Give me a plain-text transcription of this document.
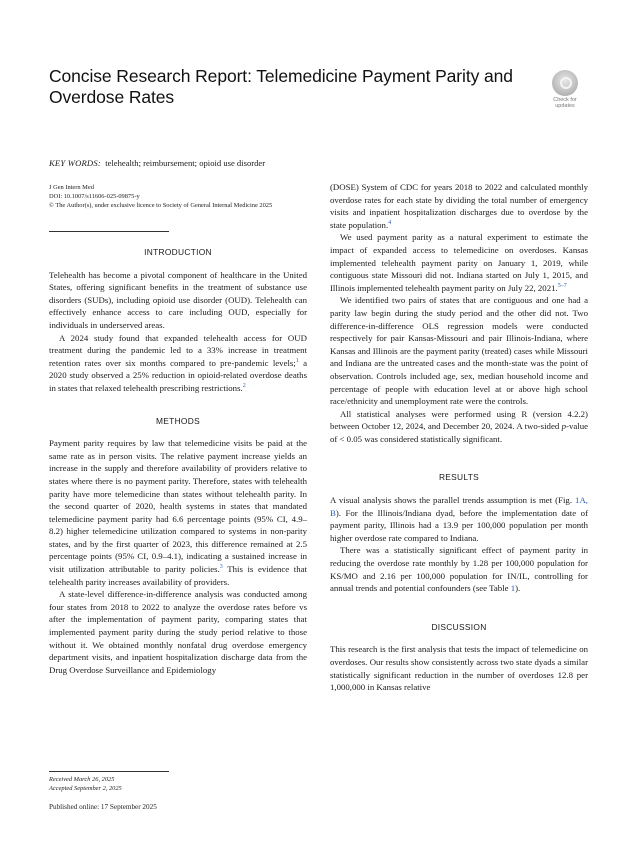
Concise Research Report: Telemedicine Payment Parity and Overdose Rates	Check for
updates
KEY WORDS: telehealth; reimbursement; opioid use disorder
J Gen Intern Med
DOI: 10.1007/s11606-025-09875-y
© The Author(s), under exclusive licence to Society of General Internal Medicine 2025
INTRODUCTION

Telehealth has become a pivotal component of healthcare in the United States, offering significant benefits in the treatment of substance use disorders (SUDs), including opioid use disorder (OUD). Telehealth can effectively enhance access to care including OUD, especially for individuals in underserved areas.

A 2024 study found that expanded telehealth access for OUD treatment during the pandemic led to a 33% increase in treatment retention rates over six months compared to pre-pandemic levels;$^1$ a 2020 study observed a 25% reduction in opioid-related overdose deaths in states that relaxed telehealth prescribing restrictions.$^2$

METHODS

Payment parity requires by law that telemedicine visits be paid at the same rate as in person visits. The relative payment increase yields an increase in the supply and therefore availability of providers relative to states where there is no payment parity. Therefore, states with telehealth parity have more telemedicine than states without telehealth parity. In the second quarter of 2020, health systems in states that mandated telemedicine payment parity had 6.6 percentage points (95% CI, 4.9–8.2) higher telemedicine utilization compared to systems in non-parity states, and by the first quarter of 2023, this difference remained at 2.5 percentage points (95% CI, 0.9–4.1), indicating a sustained increase in visit utilization attributable to parity policies.$^3$ This is evidence that telehealth parity increases availability of providers.

A state-level difference-in-difference analysis was conducted among four states from 2018 to 2022 to analyze the overdose rates before vs after the implementation of payment parity, comparing states that implemented payment parity during the study period relative to those without it. We obtained monthly nonfatal drug overdose emergency department visits, and inpatient hospitalization discharge data from the Drug Overdose Surveillance and Epidemiology

(DOSE) System of CDC for years 2018 to 2022 and calculated monthly overdose rates for each state by dividing the total number of emergency visits and inpatient hospitalization discharges due to overdose by the state population.$^4$

We used payment parity as a natural experiment to estimate the impact of expanded access to telemedicine on overdoses. Kansas implemented telehealth payment parity on January 1, 2019, while contiguous state Missouri did not. Indiana started on July 1, 2015, and Illinois implemented telehealth payment parity on July 22, 2021.$^{5-7}$

We identified two pairs of states that are contiguous and one had a parity law begin during the study period and the other did not. Two difference-in-difference OLS regression models were conducted respectively for pair Kansas-Missouri and pair Illinois-Indiana, where Kansas and Illinois are the payment parity (treated) cases while Missouri and Indiana are the untreated cases and the month-state was the point of observation. Controls included age, sex, median household income and percentage of people with education level at or above high school race/ethnicity and unemployment rate were the controls.

All statistical analyses were performed using R (version 4.2.2) between October 12, 2024, and December 20, 2024. A two-sided p-value of < 0.05 was considered statistically significant.

RESULTS

A visual analysis shows the parallel trends assumption is met (Fig. 1A, B). For the Illinois/Indiana dyad, before the implementation date of payment parity, Illinois had a 13.9 per 100,000 population per month higher overdose rate compared to Indiana.

There was a statistically significant effect of payment parity in reducing the overdose rate monthly by 1.28 per 100,000 population for KS/MO and 2.16 per 100,000 population for IN/IL, controlling for annual trends and potential confounders (see Table 1).

DISCUSSION

This research is the first analysis that tests the impact of telemedicine on overdoses. Our results show consistently across two state dyads a similar statistically significant reduction in the number of overdoses 12.8 per 1,000,000 in Kansas relative

Received March 26, 2025
Accepted September 2, 2025
Published online: 17 September 2025
